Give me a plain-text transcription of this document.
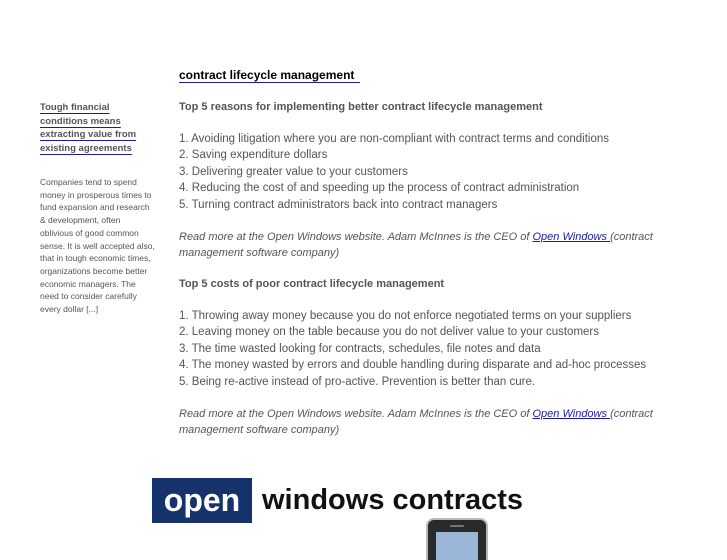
Tough financial
conditions means
extracting value from
existing agreements
Companies tend to spend money in prosperous times to fund expansion and research & development, often oblivious of good common sense. It is well accepted also, that in tough economic times, organizations become better economic managers. The need to consider carefully every dollar [...]
contract lifecycle management
Top 5 reasons for implementing better contract lifecycle management
1. Avoiding litigation where you are non-compliant with contract terms and conditions
2. Saving expenditure dollars
3. Delivering greater value to your customers
4. Reducing the cost of and speeding up the process of contract administration
5. Turning contract administrators back into contract managers
Read more at the Open Windows website. Adam McInnes is the CEO of Open Windows (contract management software company)
Top 5 costs of poor contract lifecycle management
1. Throwing away money because you do not enforce negotiated terms on your suppliers
2. Leaving money on the table because you do not deliver value to your customers
3. The time wasted looking for contracts, schedules, file notes and data
4. The money wasted by errors and double handling during disparate and ad-hoc processes
5. Being re-active instead of pro-active. Prevention is better than cure.
Read more at the Open Windows website. Adam McInnes is the CEO of Open Windows (contract management software company)
open windows contracts
